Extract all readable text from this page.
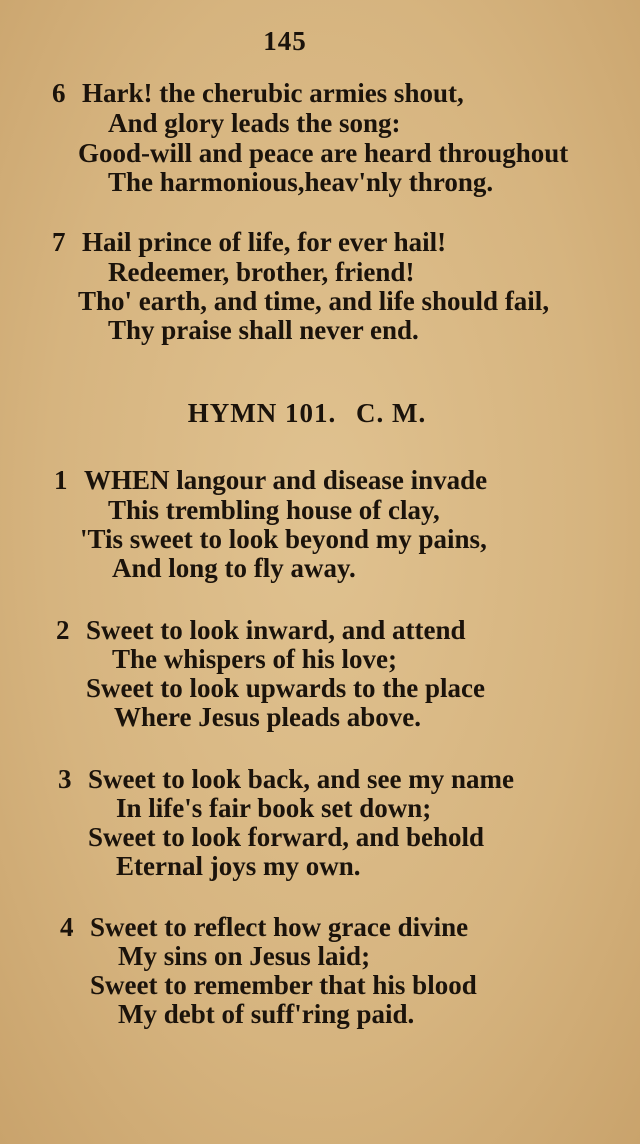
145
6 Hark! the cherubic armies shout,
And glory leads the song:
Good-will and peace are heard throughout
The harmonious,heav'nly throng.
7 Hail prince of life, for ever hail!
Redeemer, brother, friend!
Tho' earth, and time, and life should fail,
Thy praise shall never end.
HYMN 101. C. M.
1 WHEN langour and disease invade
This trembling house of clay,
'Tis sweet to look beyond my pains,
And long to fly away.
2 Sweet to look inward, and attend
The whispers of his love;
Sweet to look upwards to the place
Where Jesus pleads above.
3 Sweet to look back, and see my name
In life's fair book set down;
Sweet to look forward, and behold
Eternal joys my own.
4 Sweet to reflect how grace divine
My sins on Jesus laid;
Sweet to remember that his blood
My debt of suff'ring paid.
